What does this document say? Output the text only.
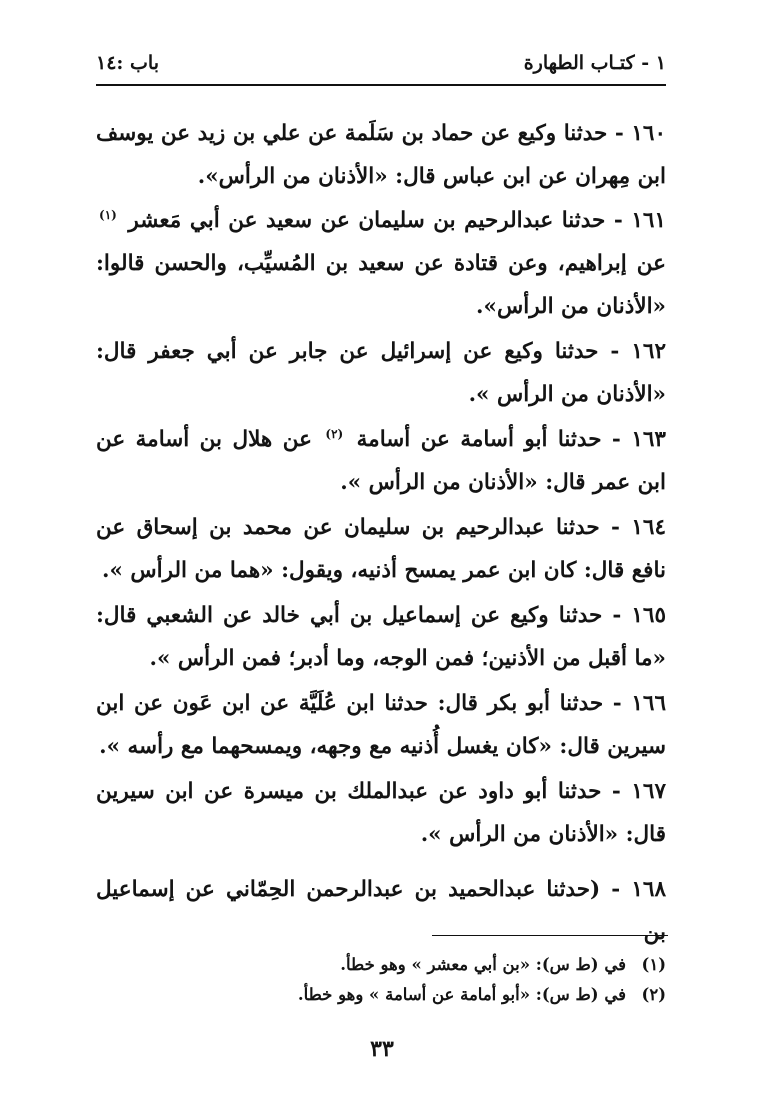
١ - كتـاب الطهارة
باب :١٤

١٦٠ - حدثنا وكيع عن حماد بن سَلَمة عن علي بن زيد عن يوسف ابن مِهران عن ابن عباس قال: «الأذنان من الرأس».

١٦١ - حدثنا عبدالرحيم بن سليمان عن سعيد عن أبي مَعشر $^{(١)}$ عن إبراهيم، وعن قتادة عن سعيد بن المُسيِّب، والحسن قالوا: «الأذنان من الرأس».

١٦٢ - حدثنا وكيع عن إسرائيل عن جابر عن أبي جعفر قال: «الأذنان من الرأس ».

١٦٣ - حدثنا أبو أسامة عن أسامة $^{(٢)}$ عن هلال بن أسامة عن ابن عمر قال: «الأذنان من الرأس ».

١٦٤ - حدثنا عبدالرحيم بن سليمان عن محمد بن إسحاق عن نافع قال: كان ابن عمر يمسح أذنيه، ويقول: «هما من الرأس ».

١٦٥ - حدثنا وكيع عن إسماعيل بن أبي خالد عن الشعبي قال: «ما أقبل من الأذنين؛ فمن الوجه، وما أدبر؛ فمن الرأس ».

١٦٦ - حدثنا أبو بكر قال: حدثنا ابن عُلَيَّة عن ابن عَون عن ابن سيرين قال: «كان يغسل أُذنيه مع وجهه، ويمسحهما مع رأسه ».

١٦٧ - حدثنا أبو داود عن عبدالملك بن ميسرة عن ابن سيرين قال: «الأذنان من الرأس ».

١٦٨ - (حدثنا عبدالحميد بن عبدالرحمن الحِمّاني عن إسماعيل بن

(١)في (ط س): «بن أبي معشر » وهو خطأ.
(٢)في (ط س): «أبو أمامة عن أسامة » وهو خطأ.
٣٣
